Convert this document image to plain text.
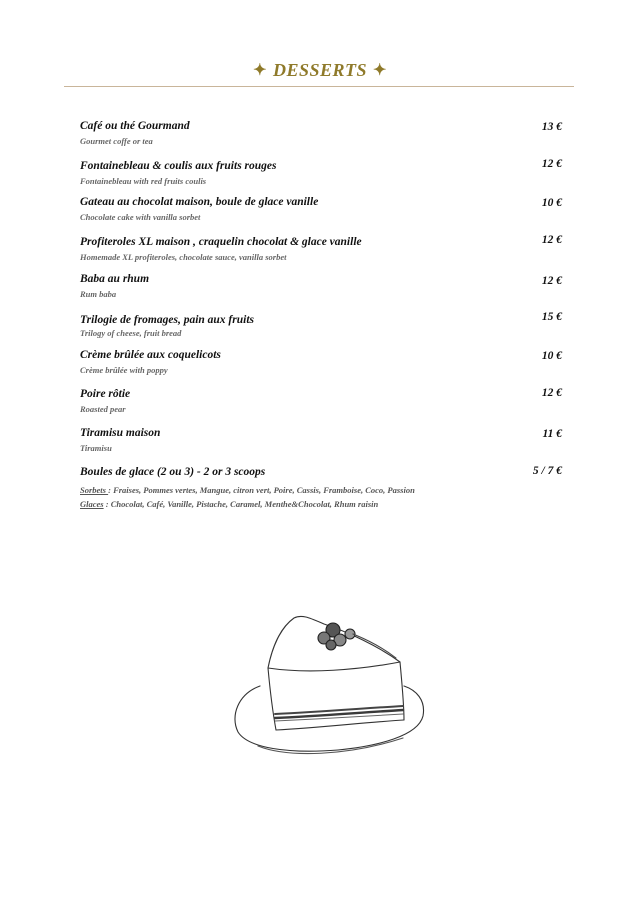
✦ DESSERTS ✦
Café ou thé Gourmand
Gourmet coffe or tea
13 €
Fontainebleau & coulis aux fruits rouges
Fontainebleau with red fruits coulis
12 €
Gateau au chocolat maison, boule de glace vanille
Chocolate cake with vanilla sorbet
10 €
Profiteroles XL maison , craquelin chocolat & glace vanille
Homemade XL profiteroles, chocolate sauce, vanilla sorbet
12 €
Baba au rhum
Rum baba
12 €
Trilogie de fromages, pain aux fruits
Trilogy of cheese, fruit bread
15 €
Crème brûlée aux coquelicots
Crème brûlée with poppy
10 €
Poire rôtie
Roasted pear
12 €
Tiramisu maison
Tiramisu
11 €
Boules de glace (2 ou 3) - 2 or 3 scoops	5 / 7 €
Sorbets : Fraises, Pommes vertes, Mangue, citron vert, Poire, Cassis, Framboise, Coco, Passion
Glaces : Chocolat, Café, Vanille, Pistache, Caramel, Menthe&Chocolat, Rhum raisin
